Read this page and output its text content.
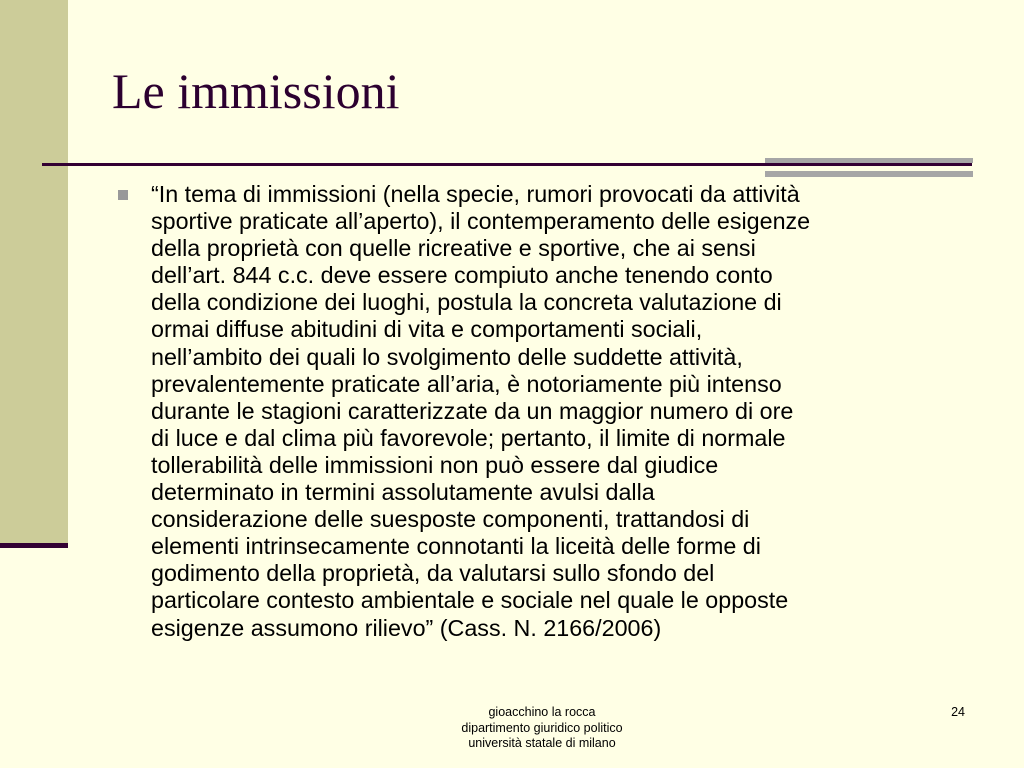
Le immissioni
“In tema di immissioni (nella specie, rumori provocati da attività
sportive praticate all’aperto), il contemperamento delle esigenze
della proprietà con quelle ricreative e sportive, che ai sensi
dell’art. 844 c.c. deve essere compiuto anche tenendo conto
della condizione dei luoghi, postula la concreta valutazione di
ormai diffuse abitudini di vita e comportamenti sociali,
nell’ambito dei quali lo svolgimento delle suddette attività,
prevalentemente praticate all’aria, è notoriamente più intenso
durante le stagioni caratterizzate da un maggior numero di ore
di luce e dal clima più favorevole; pertanto, il limite di normale
tollerabilità delle immissioni non può essere dal giudice
determinato in termini assolutamente avulsi dalla
considerazione delle suesposte componenti, trattandosi di
elementi intrinsecamente connotanti la liceità delle forme di
godimento della proprietà, da valutarsi sullo sfondo del
particolare contesto ambientale e sociale nel quale le opposte
esigenze assumono rilievo” (Cass. N. 2166/2006)
gioacchino la rocca
dipartimento giuridico politico
università statale di milano
24
